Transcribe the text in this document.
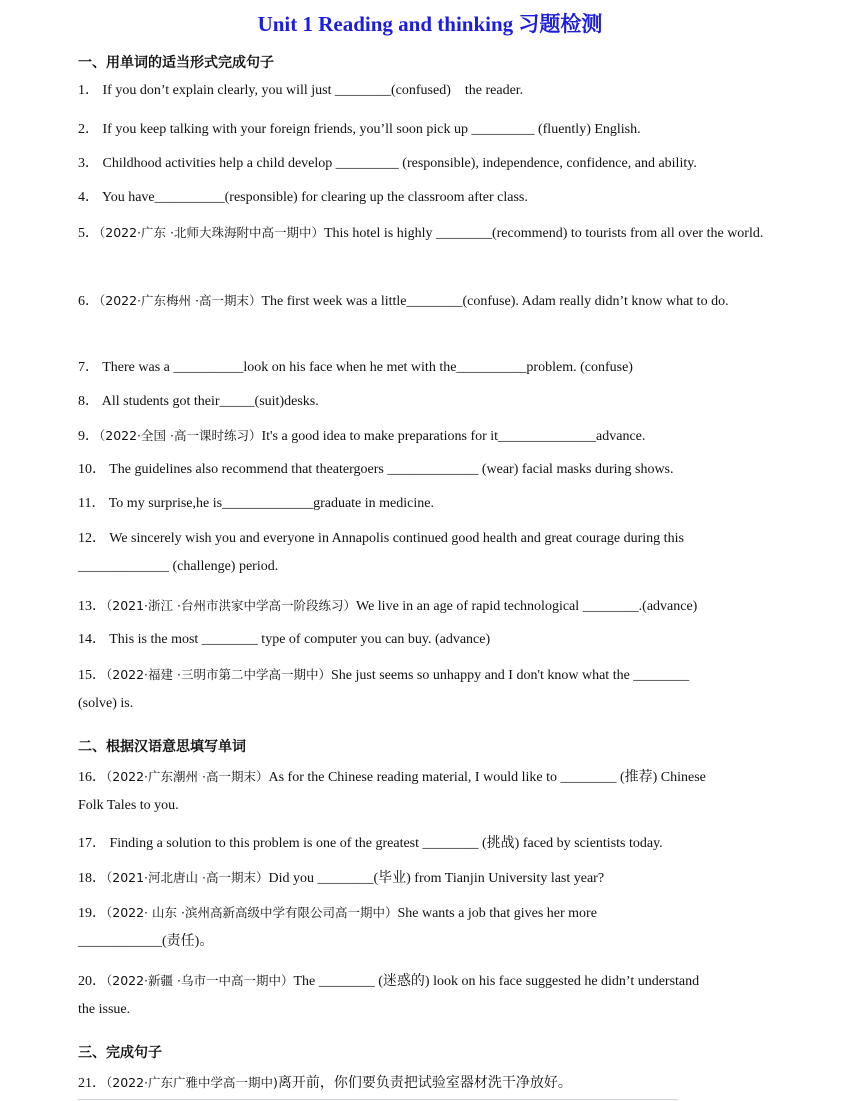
Unit 1 Reading and thinking 习题检测
一、用单词的适当形式完成句子
1． If you don’t explain clearly, you will just ________(confused)    the reader.
2． If you keep talking with your foreign friends, you’ll soon pick up _________ (fluently) English.
3． Childhood activities help a child develop _________ (responsible), independence, confidence, and ability.
4． You have__________(responsible) for clearing up the classroom after class.
5．（2022·广东 ·北师大珠海附中高一期中）This hotel is highly ________(recommend) to tourists from all over the world.
6．（2022·广东梅州 ·高一期末）The first week was a little________(confuse). Adam really didn’t know what to do.
7． There was a __________look on his face when he met with the__________problem. (confuse)
8． All students got their_____(suit)desks.
9．（2022·全国 ·高一课时练习）It's a good idea to make preparations for it______________advance.
10． The guidelines also recommend that theatergoers _____________ (wear) facial masks during shows.
11． To my surprise,he is_____________graduate in medicine.
12． We sincerely wish you and everyone in Annapolis continued good health and great courage during this
_____________ (challenge) period.
13．（2021·浙江 ·台州市洪家中学高一阶段练习）We live in an age of rapid technological ________.(advance)
14． This is the most ________ type of computer you can buy. (advance)
15．（2022·福建 ·三明市第二中学高一期中）She just seems so unhappy and I don't know what the ________
(solve) is.
二、根据汉语意思填写单词
16．（2022·广东潮州 ·高一期末）As for the Chinese reading material, I would like to ________ (推荐) Chinese
Folk Tales to you.
17． Finding a solution to this problem is one of the greatest ________ (挑战) faced by scientists today.
18．（2021·河北唐山 ·高一期末）Did you ________(毕业) from Tianjin University last year?
19．（2022· 山东 ·滨州高新高级中学有限公司高一期中）She wants a job that gives her more
____________(责任)。
20．（2022·新疆 ·乌市一中高一期中）The ________ (迷惑的) look on his face suggested he didn’t understand
the issue.
三、完成句子
21．（2022·广东广雅中学高一期中)离开前，你们要负责把试验室器材洗干净放好。
